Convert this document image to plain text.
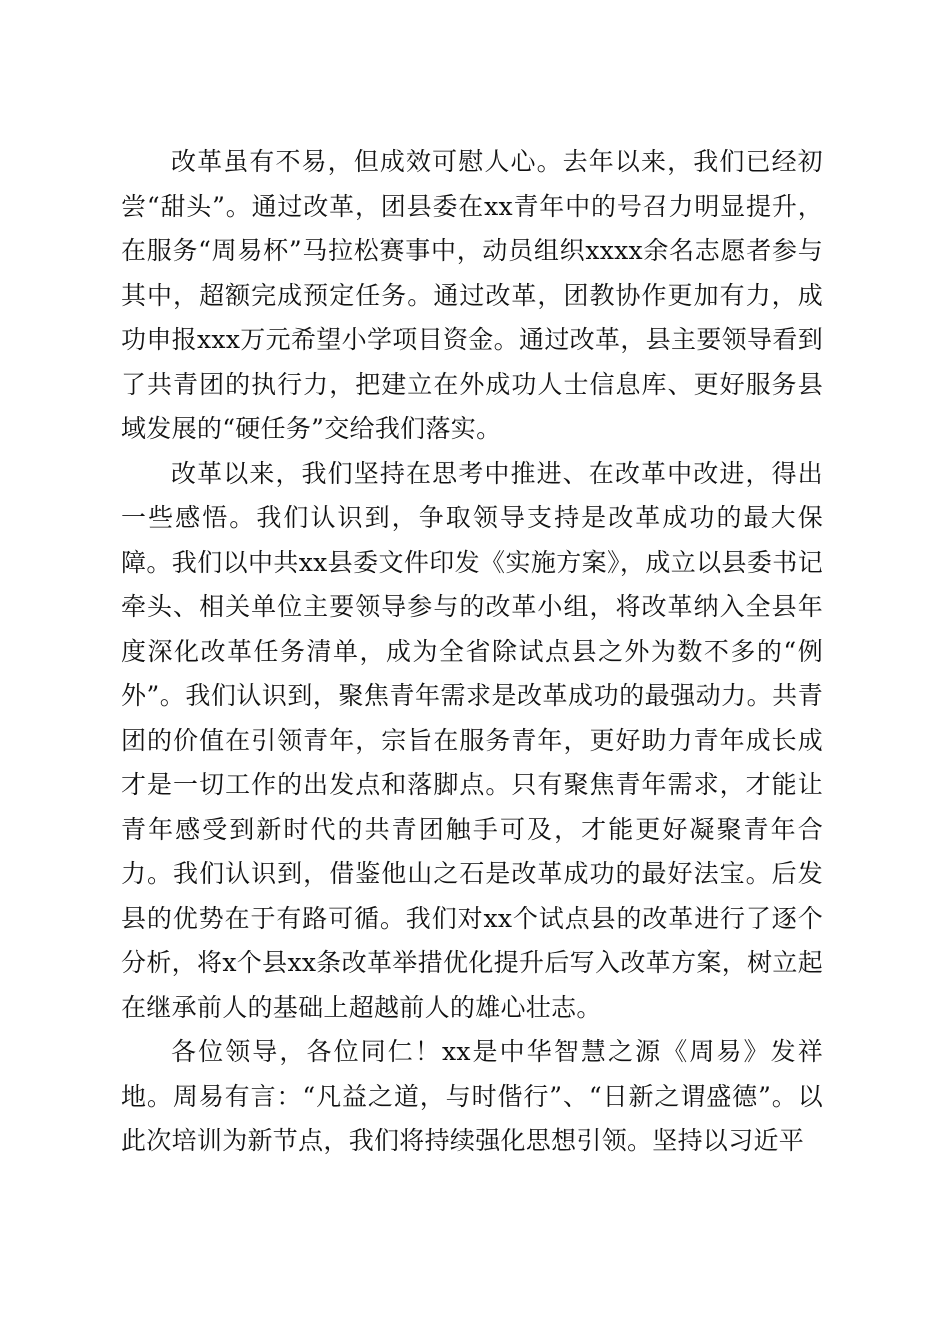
改革虽有不易，但成效可慰人心。去年以来，我们已经初尝“甜头”。通过改革，团县委在xx青年中的号召力明显提升，在服务“周易杯”马拉松赛事中，动员组织xxxx余名志愿者参与其中，超额完成预定任务。通过改革，团教协作更加有力，成功申报xxx万元希望小学项目资金。通过改革，县主要领导看到了共青团的执行力，把建立在外成功人士信息库、更好服务县域发展的“硬任务”交给我们落实。

改革以来，我们坚持在思考中推进、在改革中改进，得出一些感悟。我们认识到，争取领导支持是改革成功的最大保障。我们以中共xx县委文件印发《实施方案》，成立以县委书记牵头、相关单位主要领导参与的改革小组，将改革纳入全县年度深化改革任务清单，成为全省除试点县之外为数不多的“例外”。我们认识到，聚焦青年需求是改革成功的最强动力。共青团的价值在引领青年，宗旨在服务青年，更好助力青年成长成才是一切工作的出发点和落脚点。只有聚焦青年需求，才能让青年感受到新时代的共青团触手可及，才能更好凝聚青年合力。我们认识到，借鉴他山之石是改革成功的最好法宝。后发县的优势在于有路可循。我们对xx个试点县的改革进行了逐个分析，将x个县xx条改革举措优化提升后写入改革方案，树立起在继承前人的基础上超越前人的雄心壮志。

各位领导，各位同仁！xx是中华智慧之源《周易》发祥地。周易有言：“凡益之道，与时偕行”、“日新之谓盛德”。以此次培训为新节点，我们将持续强化思想引领。坚持以习近平
